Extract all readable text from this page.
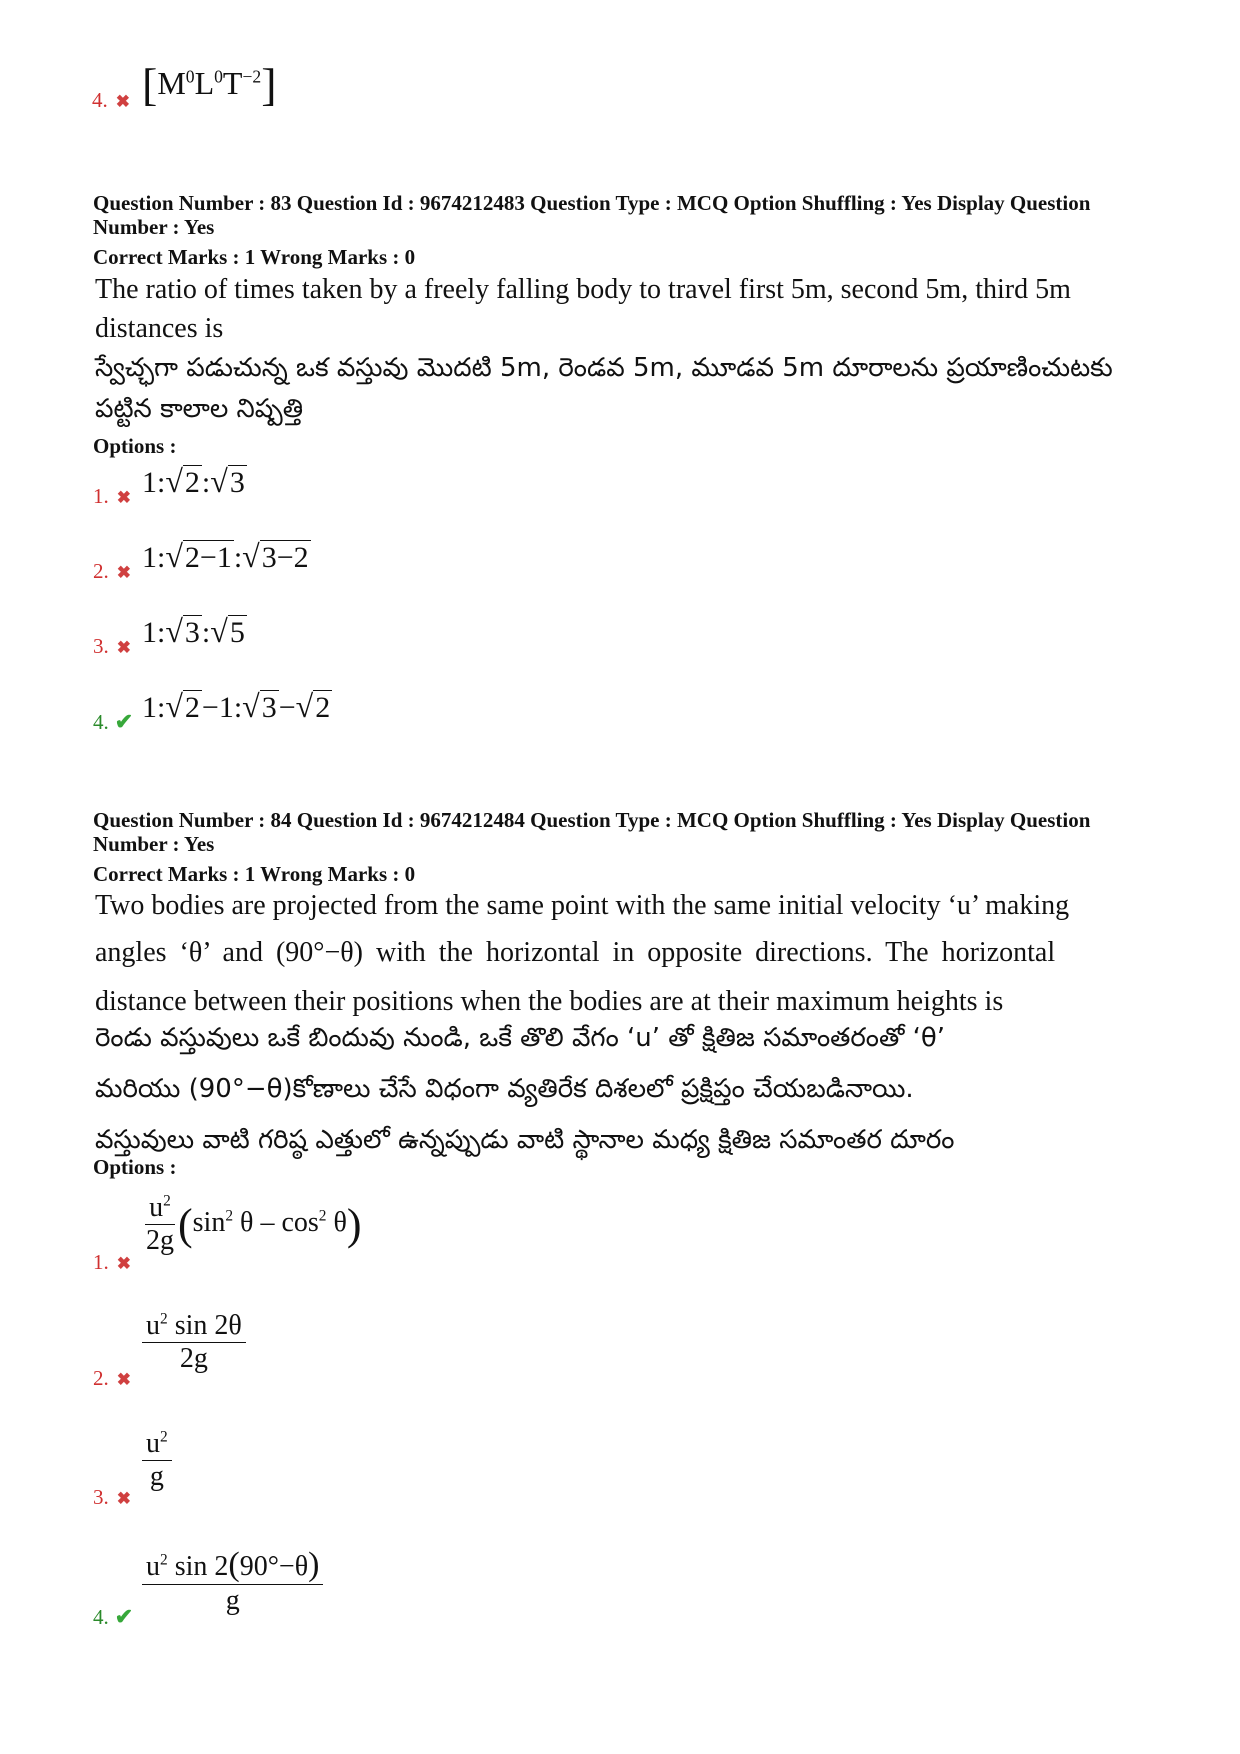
4. ✖ $[M^0L^0T^{-2}]$
Question Number : 83 Question Id : 9674212483 Question Type : MCQ Option Shuffling : Yes Display Question Number : Yes
Correct Marks : 1 Wrong Marks : 0
The ratio of times taken by a freely falling body to travel first 5m, second 5m, third 5m distances is
స్వేచ్ఛగా పడుచున్న ఒక వస్తువు మొదటి 5m, రెండవ 5m, మూడవ 5m దూరాలను ప్రయాణించుటకు పట్టిన కాలాల నిష్పత్తి
Options :
1. ✖ 1:√2:√3
2. ✖ 1:√2−1:√3−2
3. ✖ 1:√3:√5
4. ✔ 1:√2−1:√3−√2
Question Number : 84 Question Id : 9674212484 Question Type : MCQ Option Shuffling : Yes Display Question Number : Yes
Correct Marks : 1 Wrong Marks : 0
Two bodies are projected from the same point with the same initial velocity ‘u’ making
angles ‘θ’ and (90°−θ) with the horizontal in opposite directions. The horizontal
distance between their positions when the bodies are at their maximum heights is
రెండు వస్తువులు ఒకే బిందువు నుండి, ఒకే తొలి వేగం ‘u’ తో క్షితిజ సమాంతరంతో ‘θ’
మరియు (90°−θ)కోణాలు చేసే విధంగా వ్యతిరేక దిశలలో ప్రక్షిప్తం చేయబడినాయి.
వస్తువులు వాటి గరిష్ఠ ఎత్తులో ఉన్నప్పుడు వాటి స్థానాల మధ్య క్షితిజ సమాంతర దూరం
Options :
1. ✖
$\frac{u^2}{2g} (\sin^2$ θ – $\cos^2 \theta$)
2. ✖
$\frac{u^2 \sin 2\theta}{2g}$
3. ✖
$\frac{u^2}{g}$
4. ✔ $\frac{u^2 \sin 2(90^\circ-\theta)}{g}$
